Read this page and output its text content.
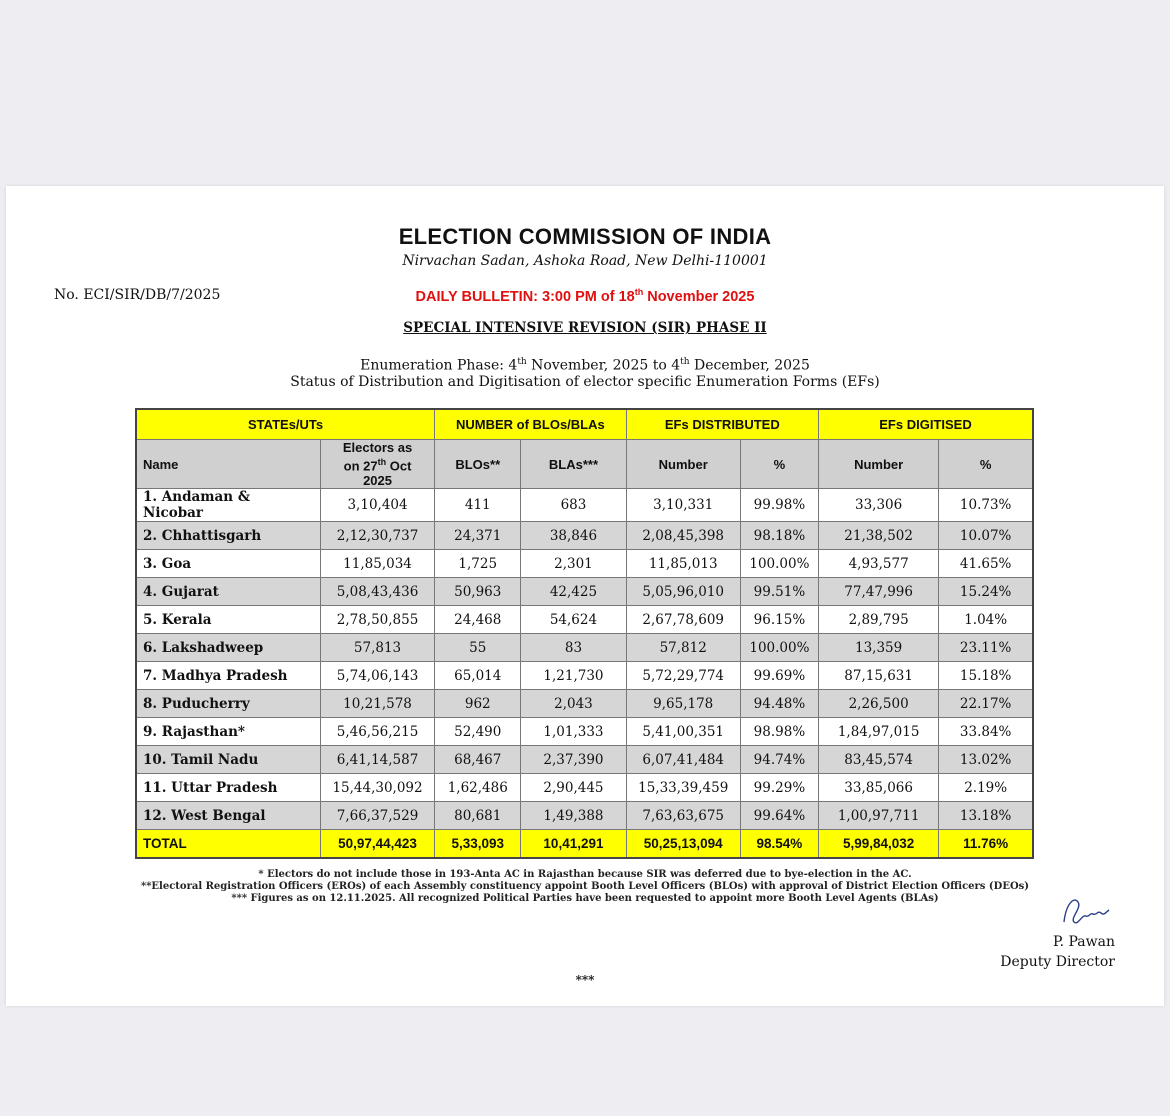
ELECTION COMMISSION OF INDIA
Nirvachan Sadan, Ashoka Road, New Delhi-110001
No. ECI/SIR/DB/7/2025	DAILY BULLETIN: 3:00 PM of 18th November 2025
SPECIAL INTENSIVE REVISION (SIR) PHASE II
Enumeration Phase: 4th November, 2025 to 4th December, 2025
Status of Distribution and Digitisation of elector specific Enumeration Forms (EFs)
STATEs/UTs		NUMBER of BLOs/BLAs		EFs DISTRIBUTED		EFs DIGITISED	
Name	Electors as
on 27th Oct
2025	BLOs**	BLAs***	Number	%	Number	%
1. Andaman & Nicobar	3,10,404	411	683	3,10,331	99.98%	33,306	10.73%
2. Chhattisgarh	2,12,30,737	24,371	38,846	2,08,45,398	98.18%	21,38,502	10.07%
3. Goa	11,85,034	1,725	2,301	11,85,013	100.00%	4,93,577	41.65%
4. Gujarat	5,08,43,436	50,963	42,425	5,05,96,010	99.51%	77,47,996	15.24%
5. Kerala	2,78,50,855	24,468	54,624	2,67,78,609	96.15%	2,89,795	1.04%
6. Lakshadweep	57,813	55	83	57,812	100.00%	13,359	23.11%
7. Madhya Pradesh	5,74,06,143	65,014	1,21,730	5,72,29,774	99.69%	87,15,631	15.18%
8. Puducherry	10,21,578	962	2,043	9,65,178	94.48%	2,26,500	22.17%
9. Rajasthan*	5,46,56,215	52,490	1,01,333	5,41,00,351	98.98%	1,84,97,015	33.84%
10. Tamil Nadu	6,41,14,587	68,467	2,37,390	6,07,41,484	94.74%	83,45,574	13.02%
11. Uttar Pradesh	15,44,30,092	1,62,486	2,90,445	15,33,39,459	99.29%	33,85,066	2.19%
12. West Bengal	7,66,37,529	80,681	1,49,388	7,63,63,675	99.64%	1,00,97,711	13.18%
TOTAL	50,97,44,423	5,33,093	10,41,291	50,25,13,094	98.54%	5,99,84,032	11.76%
* Electors do not include those in 193-Anta AC in Rajasthan because SIR was deferred due to bye-election in the AC.
**Electoral Registration Officers (EROs) of each Assembly constituency appoint Booth Level Officers (BLOs) with approval of District Election Officers (DEOs)
*** Figures as on 12.11.2025. All recognized Political Parties have been requested to appoint more Booth Level Agents (BLAs)
P. Pawan
Deputy Director
***
